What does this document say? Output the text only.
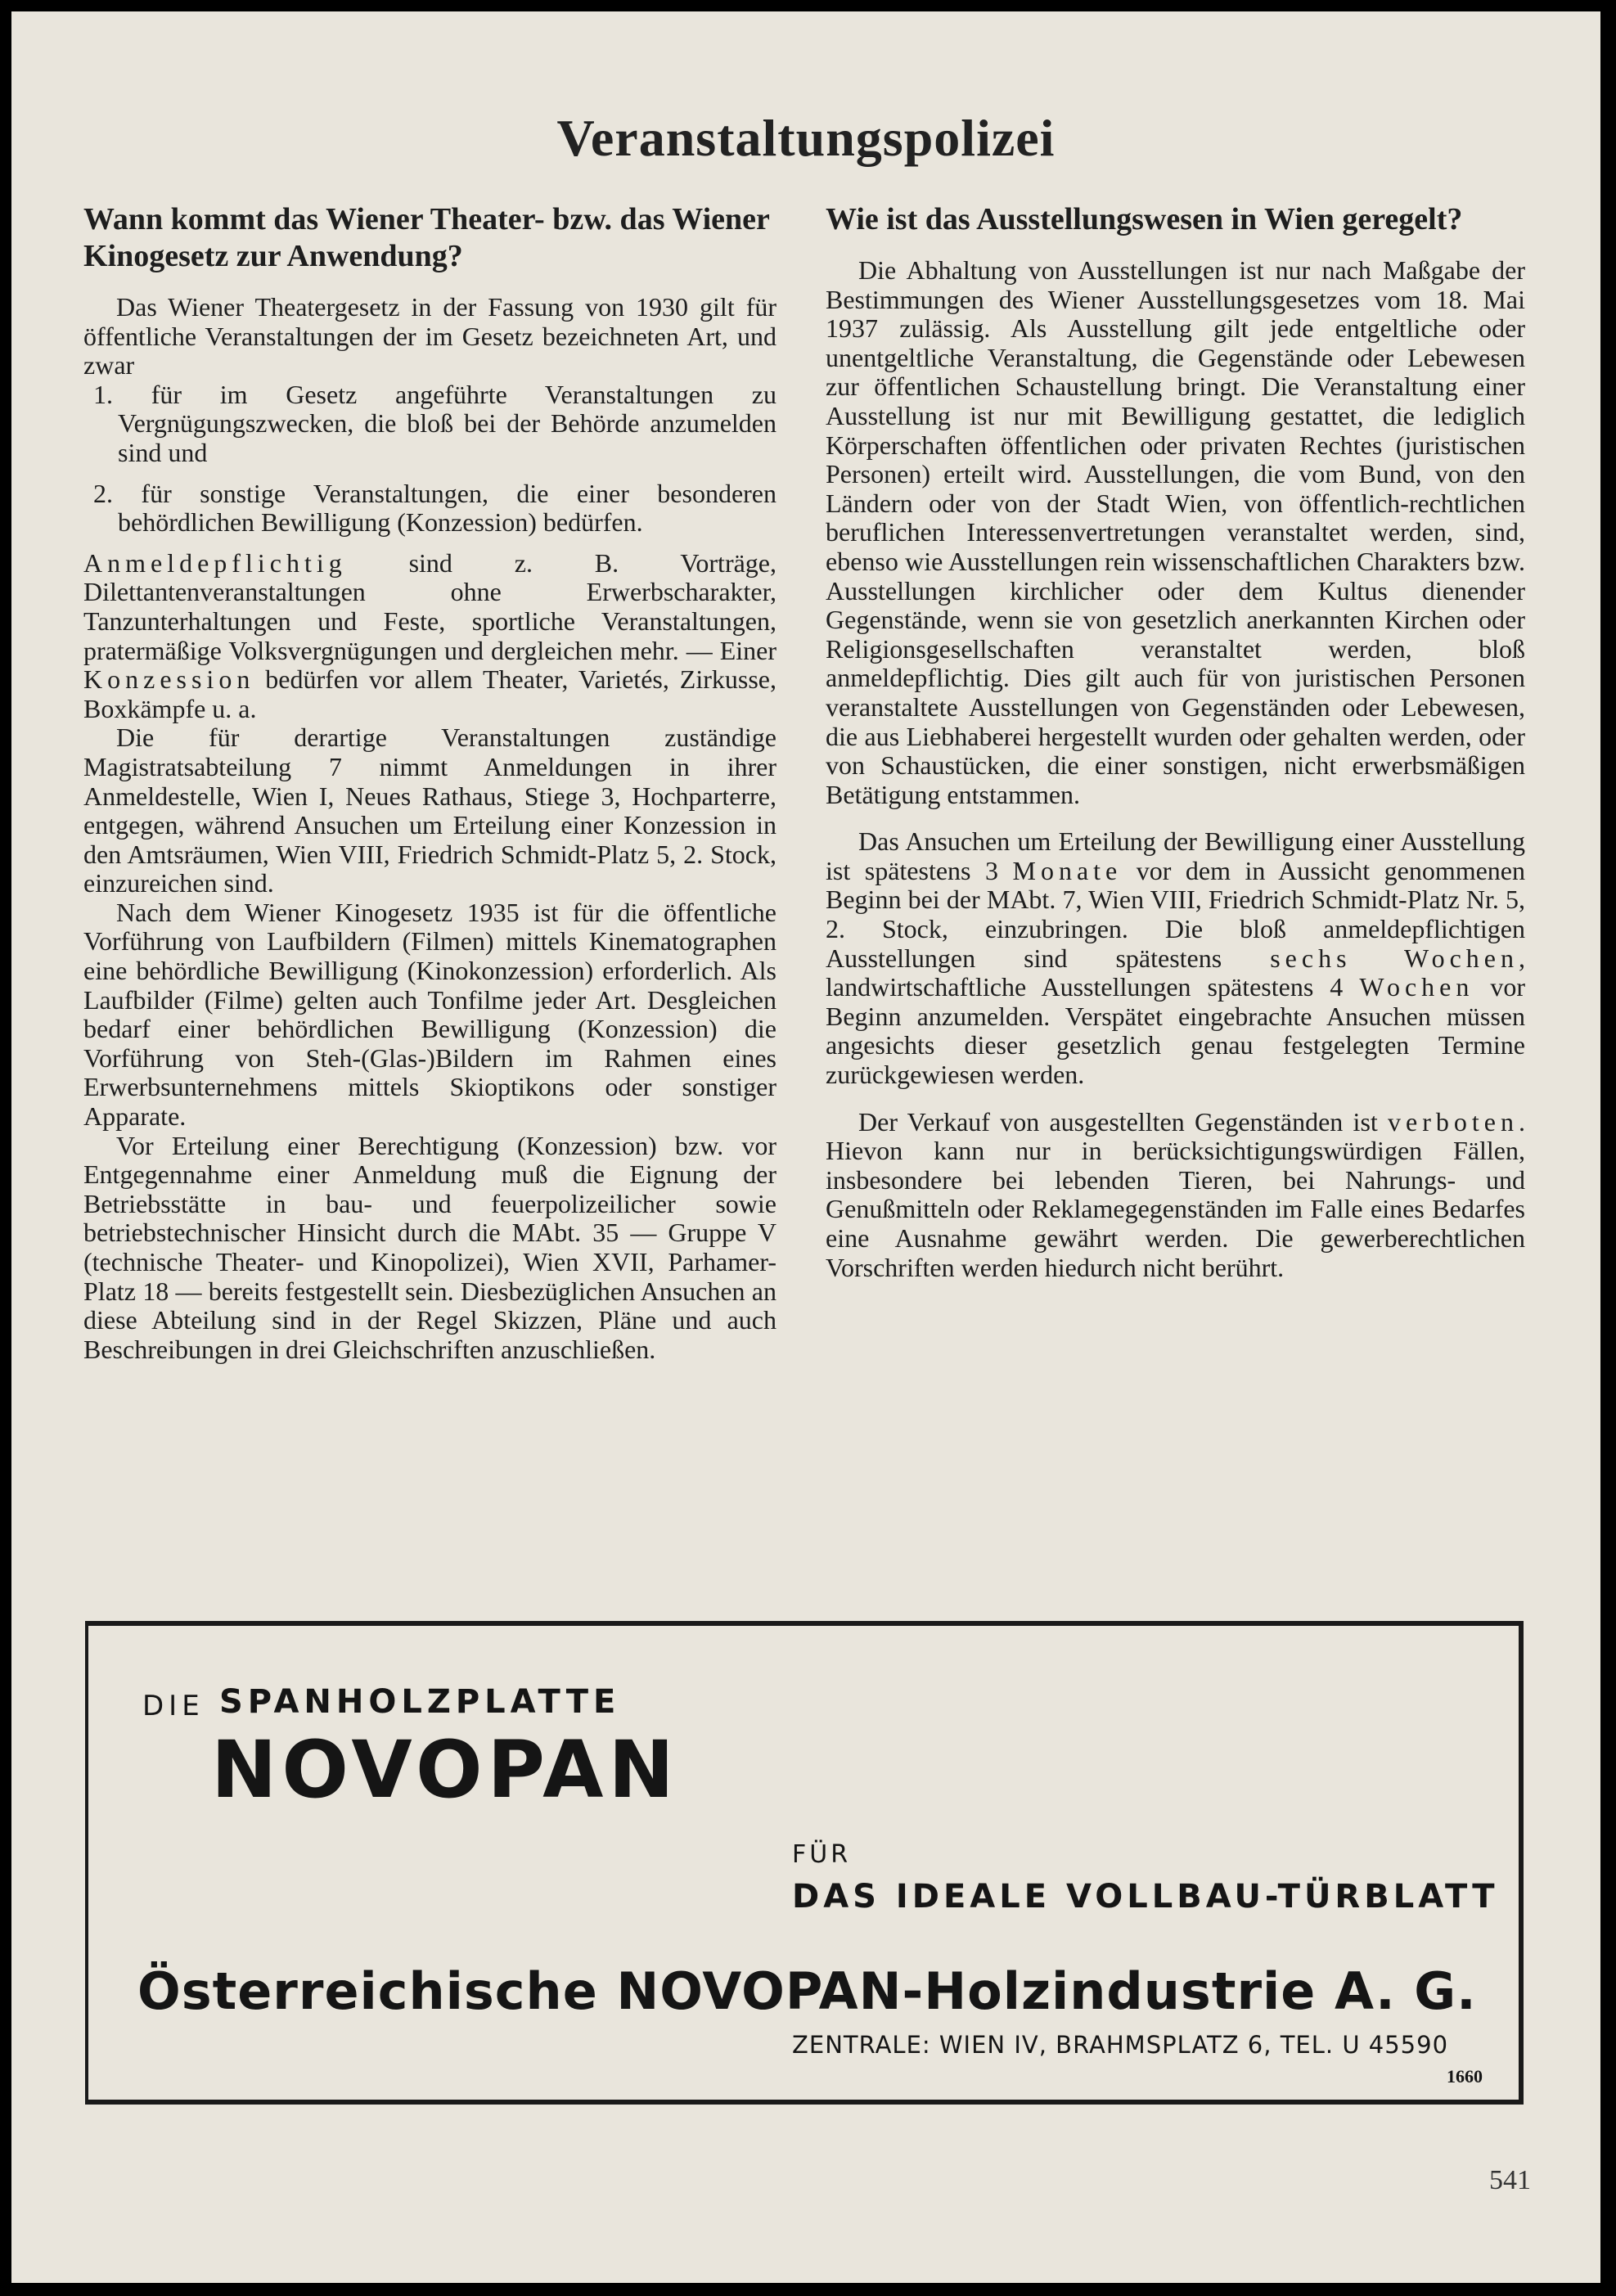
Veranstaltungspolizei

Wann kommt das Wiener Theater- bzw. das Wiener Kinogesetz zur Anwendung?

Das Wiener Theatergesetz in der Fassung von 1930 gilt für öffentliche Veranstaltungen der im Gesetz bezeichneten Art, und zwar

1. für im Gesetz angeführte Veranstaltungen zu Vergnügungszwecken, die bloß bei der Behörde anzumelden sind und
2. für sonstige Veranstaltungen, die einer besonderen behördlichen Bewilligung (Konzession) bedürfen.

Anmeldepflichtig sind z. B. Vorträge, Dilettantenveranstaltungen ohne Erwerbscharakter, Tanzunterhaltungen und Feste, sportliche Veranstaltungen, pratermäßige Volksvergnügungen und dergleichen mehr. — Einer Konzession bedürfen vor allem Theater, Varietés, Zirkusse, Boxkämpfe u. a.

Die für derartige Veranstaltungen zuständige Magistratsabteilung 7 nimmt Anmeldungen in ihrer Anmeldestelle, Wien I, Neues Rathaus, Stiege 3, Hochparterre, entgegen, während Ansuchen um Erteilung einer Konzession in den Amtsräumen, Wien VIII, Friedrich Schmidt-Platz 5, 2. Stock, einzureichen sind.

Nach dem Wiener Kinogesetz 1935 ist für die öffentliche Vorführung von Laufbildern (Filmen) mittels Kinematographen eine behördliche Bewilligung (Kinokonzession) erforderlich. Als Laufbilder (Filme) gelten auch Tonfilme jeder Art. Desgleichen bedarf einer behördlichen Bewilligung (Konzession) die Vorführung von Steh-(Glas-)Bildern im Rahmen eines Erwerbsunternehmens mittels Skioptikons oder sonstiger Apparate.

Vor Erteilung einer Berechtigung (Konzession) bzw. vor Entgegennahme einer Anmeldung muß die Eignung der Betriebsstätte in bau- und feuerpolizeilicher sowie betriebstechnischer Hinsicht durch die MAbt. 35 — Gruppe V (technische Theater- und Kinopolizei), Wien XVII, Parhamer-Platz 18 — bereits festgestellt sein. Diesbezüglichen Ansuchen an diese Abteilung sind in der Regel Skizzen, Pläne und auch Beschreibungen in drei Gleichschriften anzuschließen.

Wie ist das Ausstellungswesen in Wien geregelt?

Die Abhaltung von Ausstellungen ist nur nach Maßgabe der Bestimmungen des Wiener Ausstellungsgesetzes vom 18. Mai 1937 zulässig. Als Ausstellung gilt jede entgeltliche oder unentgeltliche Veranstaltung, die Gegenstände oder Lebewesen zur öffentlichen Schaustellung bringt. Die Veranstaltung einer Ausstellung ist nur mit Bewilligung gestattet, die lediglich Körperschaften öffentlichen oder privaten Rechtes (juristischen Personen) erteilt wird. Ausstellungen, die vom Bund, von den Ländern oder von der Stadt Wien, von öffentlich-rechtlichen beruflichen Interessenvertretungen veranstaltet werden, sind, ebenso wie Ausstellungen rein wissenschaftlichen Charakters bzw. Ausstellungen kirchlicher oder dem Kultus dienender Gegenstände, wenn sie von gesetzlich anerkannten Kirchen oder Religionsgesellschaften veranstaltet werden, bloß anmeldepflichtig. Dies gilt auch für von juristischen Personen veranstaltete Ausstellungen von Gegenständen oder Lebewesen, die aus Liebhaberei hergestellt wurden oder gehalten werden, oder von Schaustücken, die einer sonstigen, nicht erwerbsmäßigen Betätigung entstammen.

Das Ansuchen um Erteilung der Bewilligung einer Ausstellung ist spätestens 3 Monate vor dem in Aussicht genommenen Beginn bei der MAbt. 7, Wien VIII, Friedrich Schmidt-Platz Nr. 5, 2. Stock, einzubringen. Die bloß anmeldepflichtigen Ausstellungen sind spätestens sechs Wochen, landwirtschaftliche Ausstellungen spätestens 4 Wochen vor Beginn anzumelden. Verspätet eingebrachte Ansuchen müssen angesichts dieser gesetzlich genau festgelegten Termine zurückgewiesen werden.

Der Verkauf von ausgestellten Gegenständen ist verboten. Hievon kann nur in berücksichtigungswürdigen Fällen, insbesondere bei lebenden Tieren, bei Nahrungs- und Genußmitteln oder Reklamegegenständen im Falle eines Bedarfes eine Ausnahme gewährt werden. Die gewerberechtlichen Vorschriften werden hiedurch nicht berührt.

DIE SPANHOLZPLATTE
NOVOPAN
FÜR
DAS IDEALE VOLLBAU-TÜRBLATT
Österreichische NOVOPAN-Holzindustrie A. G.
ZENTRALE: WIEN IV, BRAHMSPLATZ 6, TEL. U 45590
1660
541
